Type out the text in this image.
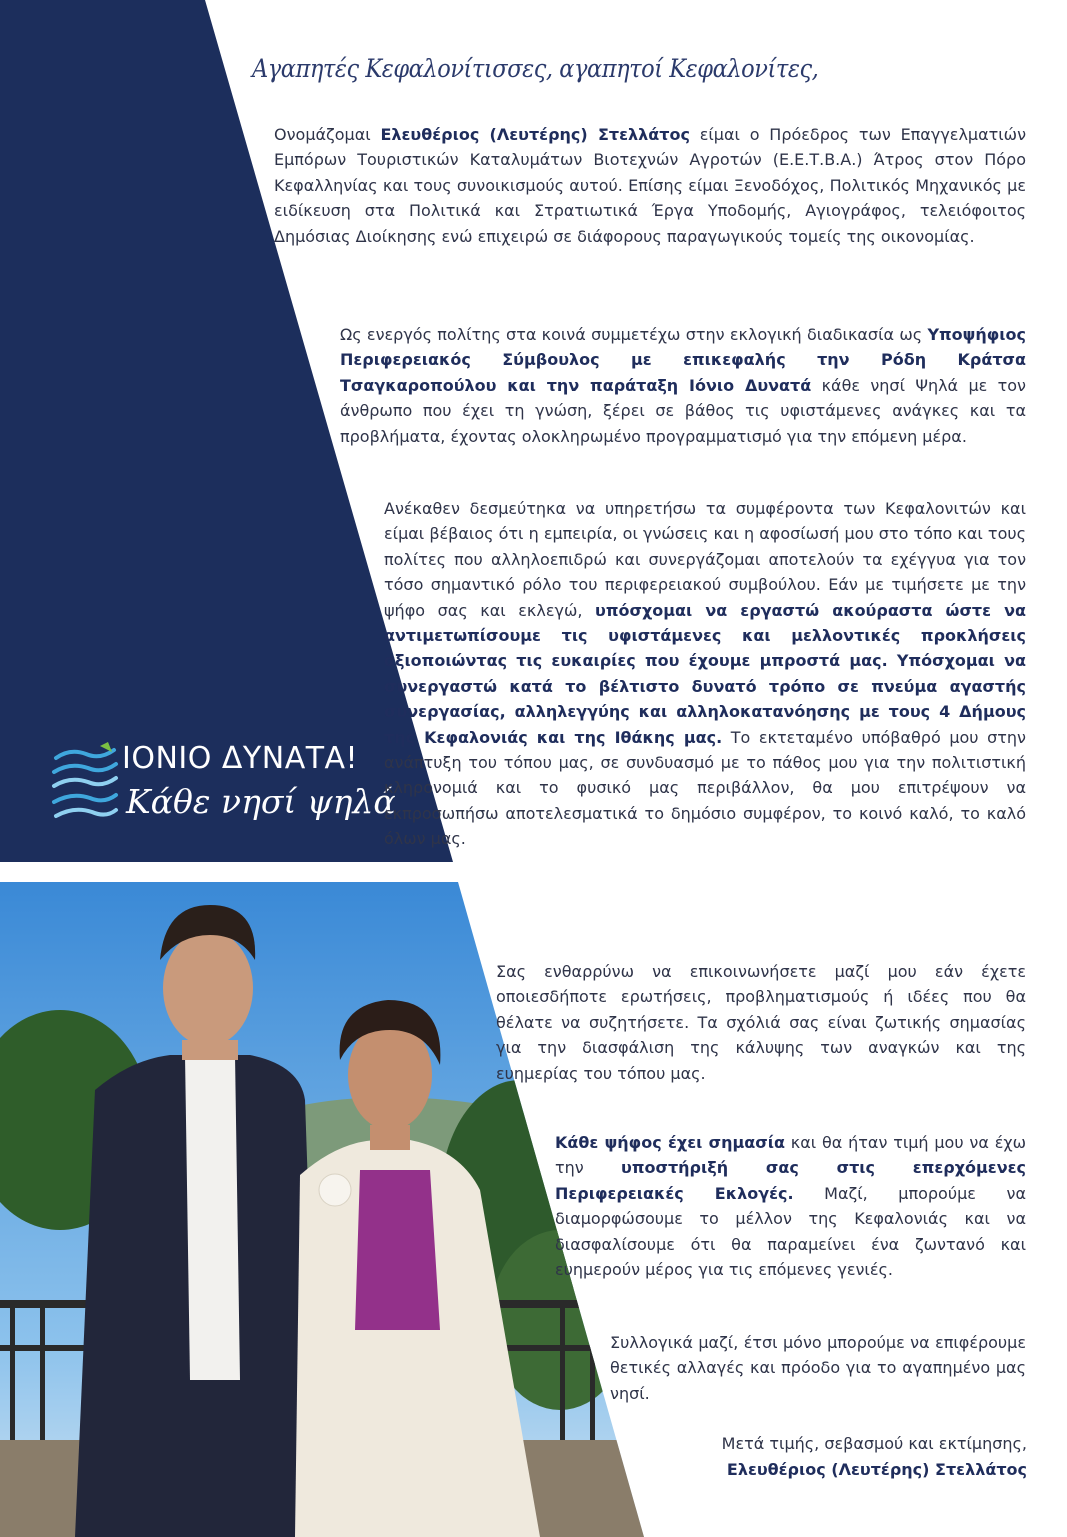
ΙΟΝΙΟ ΔΥΝΑΤΑ!
Κάθε νησί ψηλά
Αγαπητές Κεφαλονίτισσες, αγαπητοί Κεφαλονίτες,
Ονομάζομαι Ελευθέριος (Λευτέρης) Στελλάτος είμαι ο Πρόεδρος των Επαγγελματιών Εμπόρων Τουριστικών Καταλυμάτων Βιοτεχνών Αγροτών (Ε.Ε.Τ.Β.Α.) Άτρος στον Πόρο Κεφαλληνίας και τους συνοικισμούς αυτού. Επίσης είμαι Ξενοδόχος, Πολιτικός Μηχανικός με ειδίκευση στα Πολιτικά και Στρατιωτικά Έργα Υποδομής, Αγιογράφος, τελειόφοιτος Δημόσιας Διοίκησης ενώ επιχειρώ σε διάφορους παραγωγικούς τομείς της οικονομίας.
Ως ενεργός πολίτης στα κοινά συμμετέχω στην εκλογική διαδικασία ως Υποψήφιος Περιφερειακός Σύμβουλος με επικεφαλής την Ρόδη Κράτσα Τσαγκαροπούλου και την παράταξη Ιόνιο Δυνατά κάθε νησί Ψηλά με τον άνθρωπο που έχει τη γνώση, ξέρει σε βάθος τις υφιστάμενες ανάγκες και τα προβλήματα, έχοντας ολοκληρωμένο προγραμματισμό για την επόμενη μέρα.
Ανέκαθεν δεσμεύτηκα να υπηρετήσω τα συμφέροντα των Κεφαλονιτών και είμαι βέβαιος ότι η εμπειρία, οι γνώσεις και η αφοσίωσή μου στο τόπο και τους πολίτες που αλληλοεπιδρώ και συνεργάζομαι αποτελούν τα εχέγγυα για τον τόσο σημαντικό ρόλο του περιφερειακού συμβούλου. Εάν με τιμήσετε με την ψήφο σας και εκλεγώ, υπόσχομαι να εργαστώ ακούραστα ώστε να αντιμετωπίσουμε τις υφιστάμενες και μελλοντικές προκλήσεις αξιοποιώντας τις ευκαιρίες που έχουμε μπροστά μας. Υπόσχομαι να συνεργαστώ κατά το βέλτιστο δυνατό τρόπο σε πνεύμα αγαστής συνεργασίας, αλληλεγγύης και αλληλοκατανόησης με τους 4 Δήμους της Κεφαλονιάς και της Ιθάκης μας. Το εκτεταμένο υπόβαθρό μου στην ανάπτυξη του τόπου μας, σε συνδυασμό με το πάθος μου για την πολιτιστική κληρονομιά και το φυσικό μας περιβάλλον, θα μου επιτρέψουν να εκπροσωπήσω αποτελεσματικά το δημόσιο συμφέρον, το κοινό καλό, το καλό όλων μας.
Σας ενθαρρύνω να επικοινωνήσετε μαζί μου εάν έχετε οποιεσδήποτε ερωτήσεις, προβληματισμούς ή ιδέες που θα θέλατε να συζητήσετε. Τα σχόλιά σας είναι ζωτικής σημασίας για την διασφάλιση της κάλυψης των αναγκών και της ευημερίας του τόπου μας.
Κάθε ψήφος έχει σημασία και θα ήταν τιμή μου να έχω την υποστήριξή σας στις επερχόμενες Περιφερειακές Εκλογές. Μαζί, μπορούμε να διαμορφώσουμε το μέλλον της Κεφαλονιάς και να διασφαλίσουμε ότι θα παραμείνει ένα ζωντανό και ευημερούν μέρος για τις επόμενες γενιές.
Συλλογικά μαζί, έτσι μόνο μπορούμε να επιφέρουμε θετικές αλλαγές και πρόοδο για το αγαπημένο μας νησί.
Μετά τιμής, σεβασμού και εκτίμησης,
Ελευθέριος (Λευτέρης) Στελλάτος
